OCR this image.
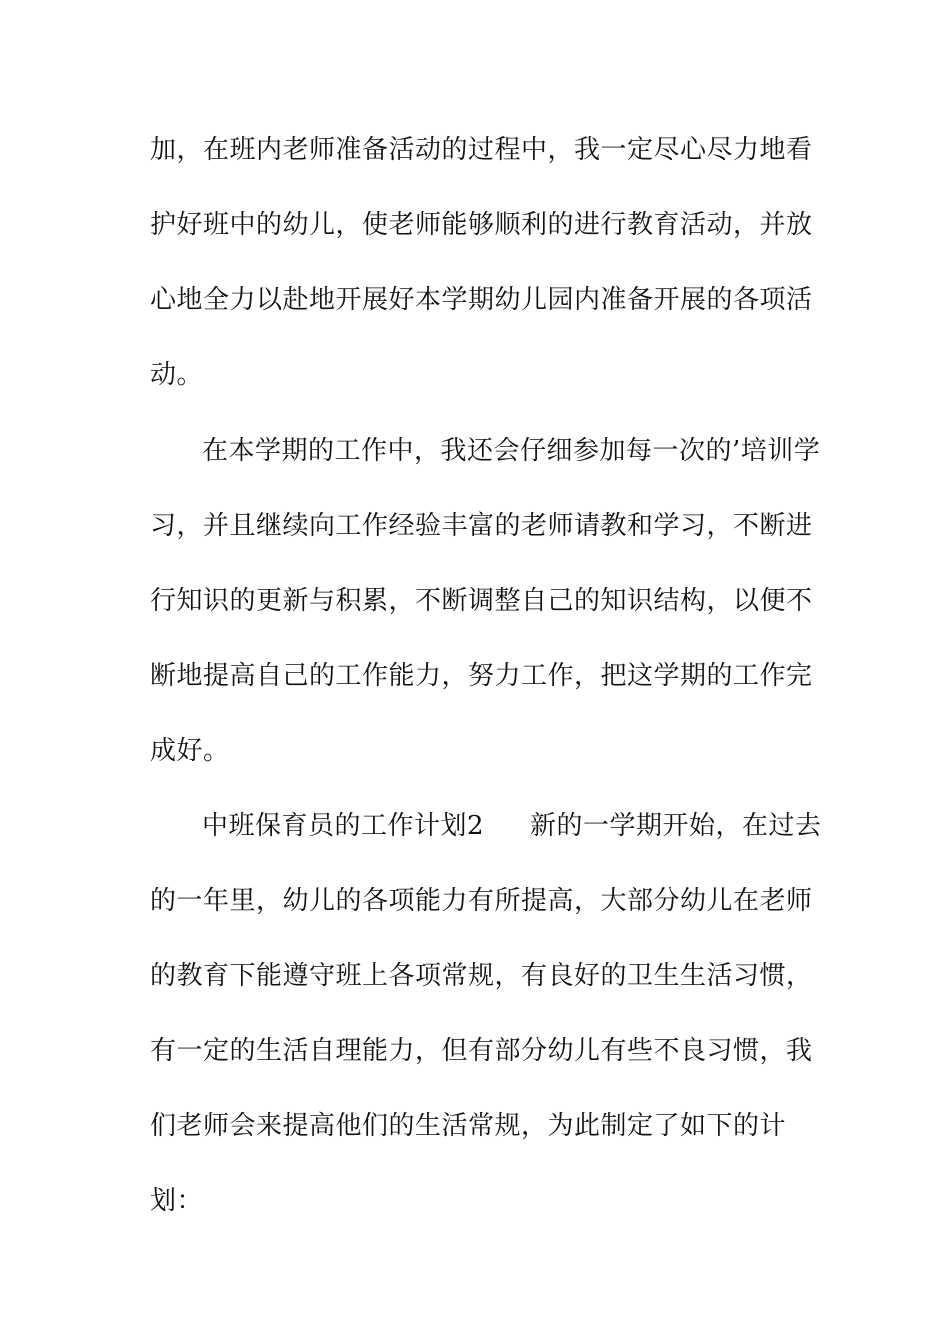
加，在班内老师准备活动的过程中，我一定尽心尽力地看
护好班中的幼儿，使老师能够顺利的进行教育活动，并放
心地全力以赴地开展好本学期幼儿园内准备开展的各项活
动。
在本学期的工作中，我还会仔细参加每一次的’培训学
习，并且继续向工作经验丰富的老师请教和学习，不断进
行知识的更新与积累，不断调整自己的知识结构，以便不
断地提高自己的工作能力，努力工作，把这学期的工作完
成好。
中班保育员的工作计划2 新的一学期开始，在过去
的一年里，幼儿的各项能力有所提高，大部分幼儿在老师
的教育下能遵守班上各项常规，有良好的卫生生活习惯，
有一定的生活自理能力，但有部分幼儿有些不良习惯，我
们老师会来提高他们的生活常规，为此制定了如下的计
划：
